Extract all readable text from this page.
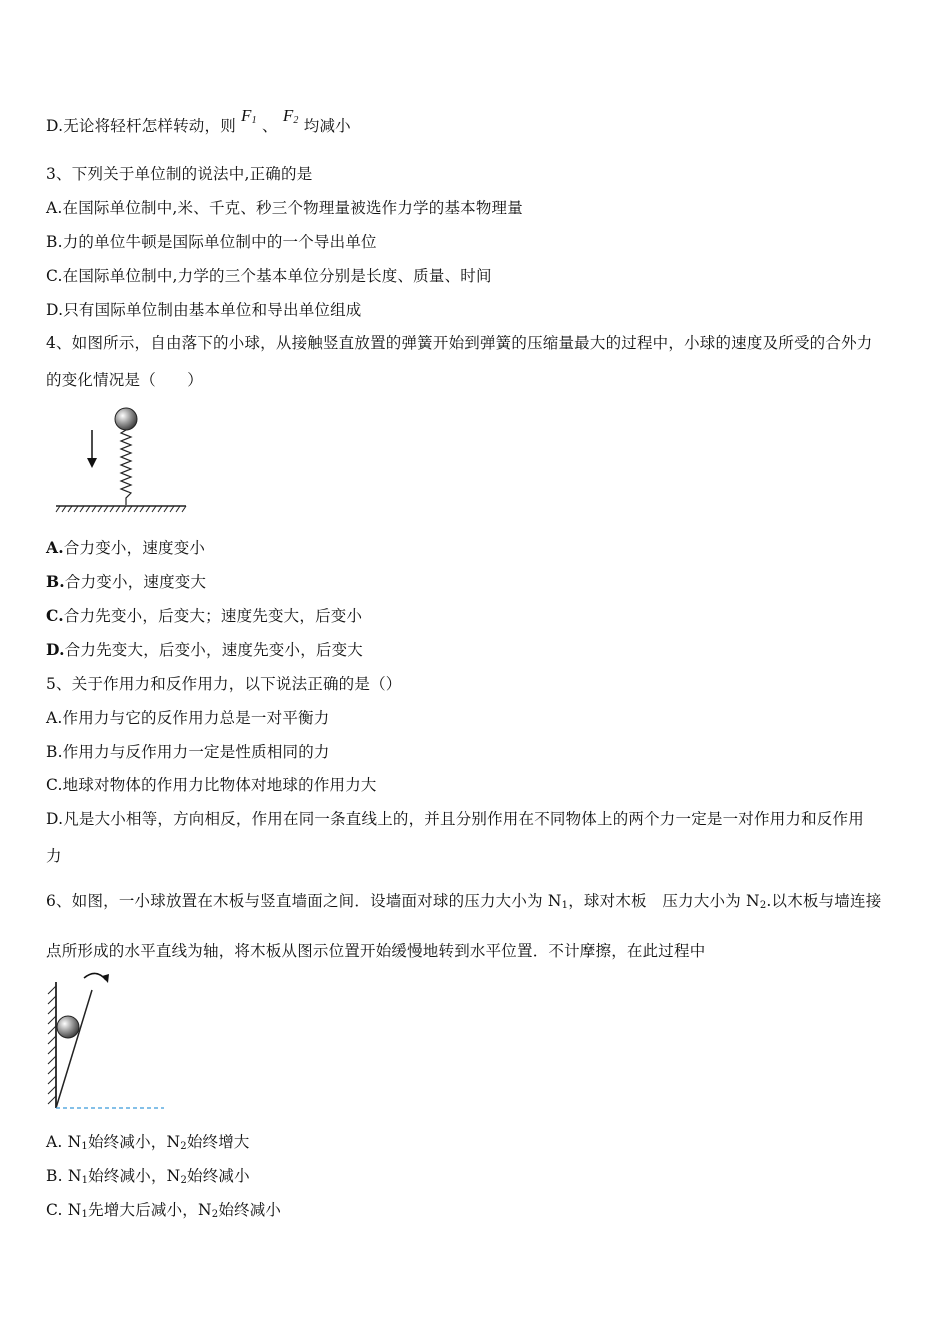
D.无论将轻杆怎样转动，则 $F_1$ 、 $F_2$ 均减小
3、下列关于单位制的说法中,正确的是
A.在国际单位制中,米、千克、秒三个物理量被选作力学的基本物理量
B.力的单位牛顿是国际单位制中的一个导出单位
C.在国际单位制中,力学的三个基本单位分别是长度、质量、时间
D.只有国际单位制由基本单位和导出单位组成
4、如图所示，自由落下的小球，从接触竖直放置的弹簧开始到弹簧的压缩量最大的过程中，小球的速度及所受的合外力
的变化情况是（　　）
A.合力变小，速度变小
B.合力变小，速度变大
C.合力先变小，后变大；速度先变大，后变小
D.合力先变大，后变小，速度先变小，后变大
5、关于作用力和反作用力，以下说法正确的是（）
A.作用力与它的反作用力总是一对平衡力
B.作用力与反作用力一定是性质相同的力
C.地球对物体的作用力比物体对地球的作用力大
D.凡是大小相等，方向相反，作用在同一条直线上的，并且分别作用在不同物体上的两个力一定是一对作用力和反作用
力
6、如图，一小球放置在木板与竖直墙面之间．设墙面对球的压力大小为 $N_1$，球对木板　压力大小为 $N_2$.以木板与墙连接
点所形成的水平直线为轴，将木板从图示位置开始缓慢地转到水平位置．不计摩擦，在此过程中
A. $N_1$始终减小，$N_2$始终增大
B. $N_1$始终减小，$N_2$始终减小
C. $N_1$先增大后减小，$N_2$始终减小
